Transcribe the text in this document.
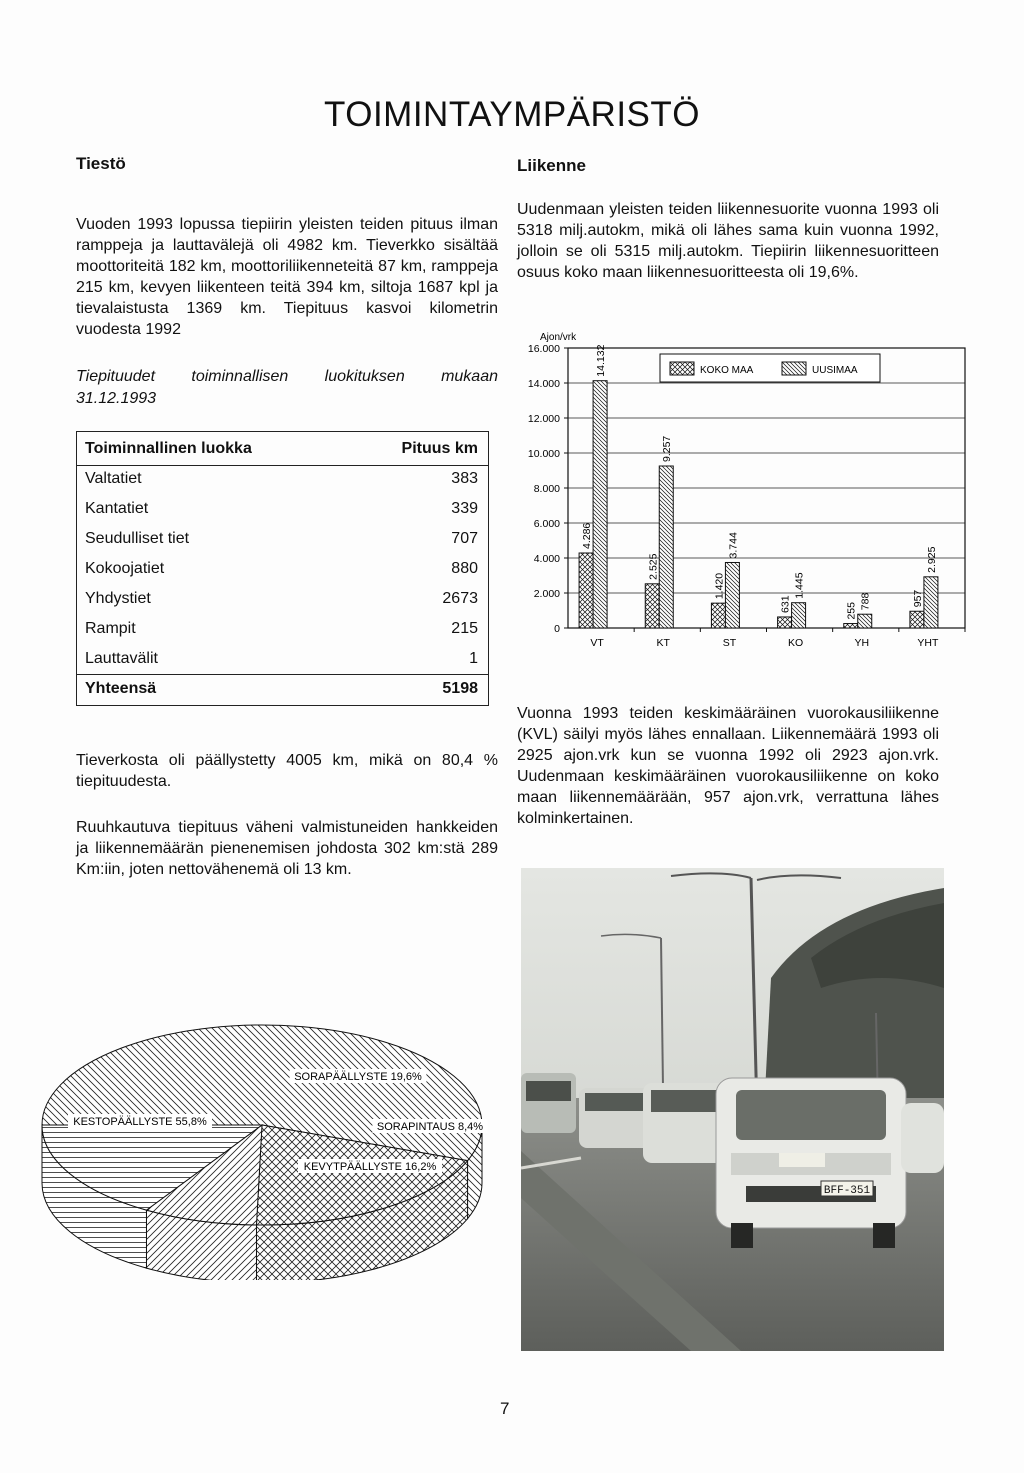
TOIMINTAYMPÄRISTÖ
Tiestö
Vuoden 1993 lopussa tiepiirin yleisten teiden pituus ilman ramppeja ja lauttavälejä oli 4982 km. Tieverkko sisältää moottoriteitä 182 km, moottoriliikenneteitä 87 km, ramppeja 215 km, kevyen liikenteen teitä 394 km, siltoja 1687 kpl ja tievalaistusta 1369 km. Tiepituus kasvoi kilometrin vuodesta 1992
Tiepituudet toiminnallisen luokituksen mukaan
31.12.1993
Toiminnallinen luokka	Pituus km
Valtatiet	383
Kantatiet	339
Seudulliset tiet	707
Kokoojatiet	880
Yhdystiet	2673
Rampit	215
Lauttavälit	1
Yhteensä	5198
Tieverkosta oli päällystetty 4005 km, mikä on 80,4 % tiepituudesta.
Ruuhkautuva tiepituus väheni valmistuneiden hankkeiden ja liikennemäärän pienenemisen johdosta 302 km:stä 289 Km:iin, joten nettovähenemä oli 13 km.
KESTOPÄÄLLYSTE 55,8%
SORAPÄÄLLYSTE 19,6%
SORAPINTAUS 8,4%
KEVYTPÄÄLLYSTE 16,2%
Liikenne
Uudenmaan yleisten teiden liikennesuorite vuonna 1993 oli 5318 milj.autokm, mikä oli lähes sama kuin vuonna 1992, jolloin se oli 5315 milj.autokm. Tiepiirin liikennesuoritteen osuus koko maan liikennesuoritteesta oli 19,6%.
Ajon/vrk
0
2.000
4.000
6.000
8.000
10.000
12.000
14.000
16.000
VT
4.286
14.132
KT
2.525
9.257
ST
1.420
3.744
KO
631
1.445
YH
255
788
YHT
957
2.925
KOKO MAA	UUSIMAA
Vuonna 1993 teiden keskimääräinen vuorokausiliikenne (KVL) säilyi myös lähes ennallaan. Liikennemäärä 1993 oli 2925 ajon.vrk kun se vuonna 1992 oli 2923 ajon.vrk. Uudenmaan keskimääräinen vuorokausiliikenne on koko maan liikennemäärään, 957 ajon.vrk, verrattuna lähes kolminkertainen.
BFF-351
7
